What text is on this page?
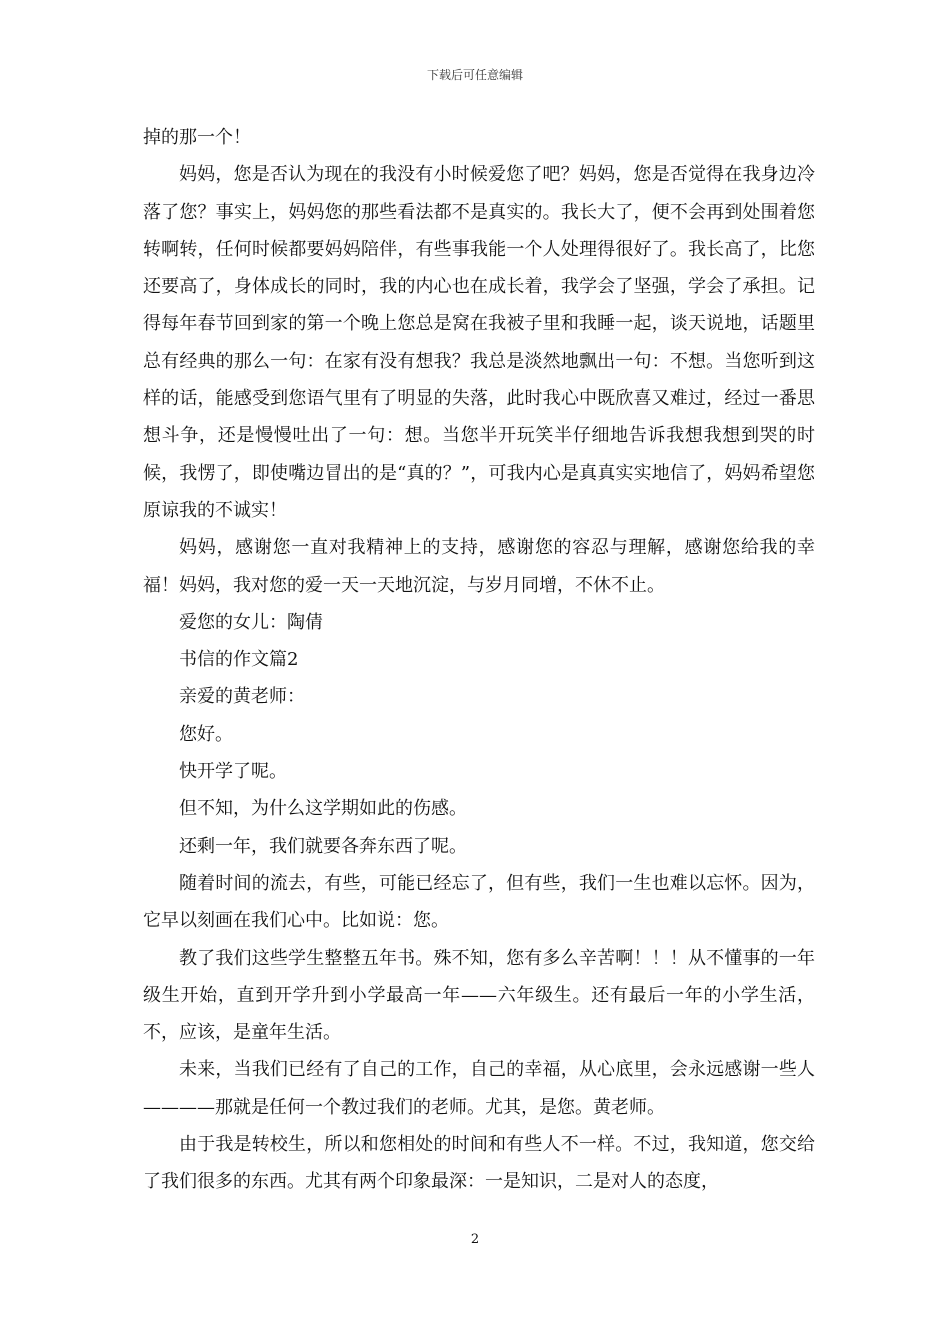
下载后可任意编辑

掉的那一个！

妈妈，您是否认为现在的我没有小时候爱您了吧？妈妈，您是否觉得在我身边冷落了您？事实上，妈妈您的那些看法都不是真实的。我长大了，便不会再到处围着您转啊转，任何时候都要妈妈陪伴，有些事我能一个人处理得很好了。我长高了，比您还要高了，身体成长的同时，我的内心也在成长着，我学会了坚强，学会了承担。记得每年春节回到家的第一个晚上您总是窝在我被子里和我睡一起，谈天说地，话题里总有经典的那么一句：在家有没有想我？我总是淡然地飘出一句：不想。当您听到这样的话，能感受到您语气里有了明显的失落，此时我心中既欣喜又难过，经过一番思想斗争，还是慢慢吐出了一句：想。当您半开玩笑半仔细地告诉我想我想到哭的时候，我愣了，即使嘴边冒出的是“真的？”，可我内心是真真实实地信了，妈妈希望您原谅我的不诚实！

妈妈，感谢您一直对我精神上的支持，感谢您的容忍与理解，感谢您给我的幸福！妈妈，我对您的爱一天一天地沉淀，与岁月同增，不休不止。

爱您的女儿：陶倩

书信的作文篇2

亲爱的黄老师：

您好。

快开学了呢。

但不知，为什么这学期如此的伤感。

还剩一年，我们就要各奔东西了呢。

随着时间的流去，有些，可能已经忘了，但有些，我们一生也难以忘怀。因为，它早以刻画在我们心中。比如说：您。

教了我们这些学生整整五年书。殊不知，您有多么辛苦啊！！！从不懂事的一年级生开始，直到开学升到小学最高一年——六年级生。还有最后一年的小学生活，不，应该，是童年生活。

未来，当我们已经有了自己的工作，自己的幸福，从心底里，会永远感谢一些人————那就是任何一个教过我们的老师。尤其，是您。黄老师。

由于我是转校生，所以和您相处的时间和有些人不一样。不过，我知道，您交给了我们很多的东西。尤其有两个印象最深：一是知识，二是对人的态度，

2
